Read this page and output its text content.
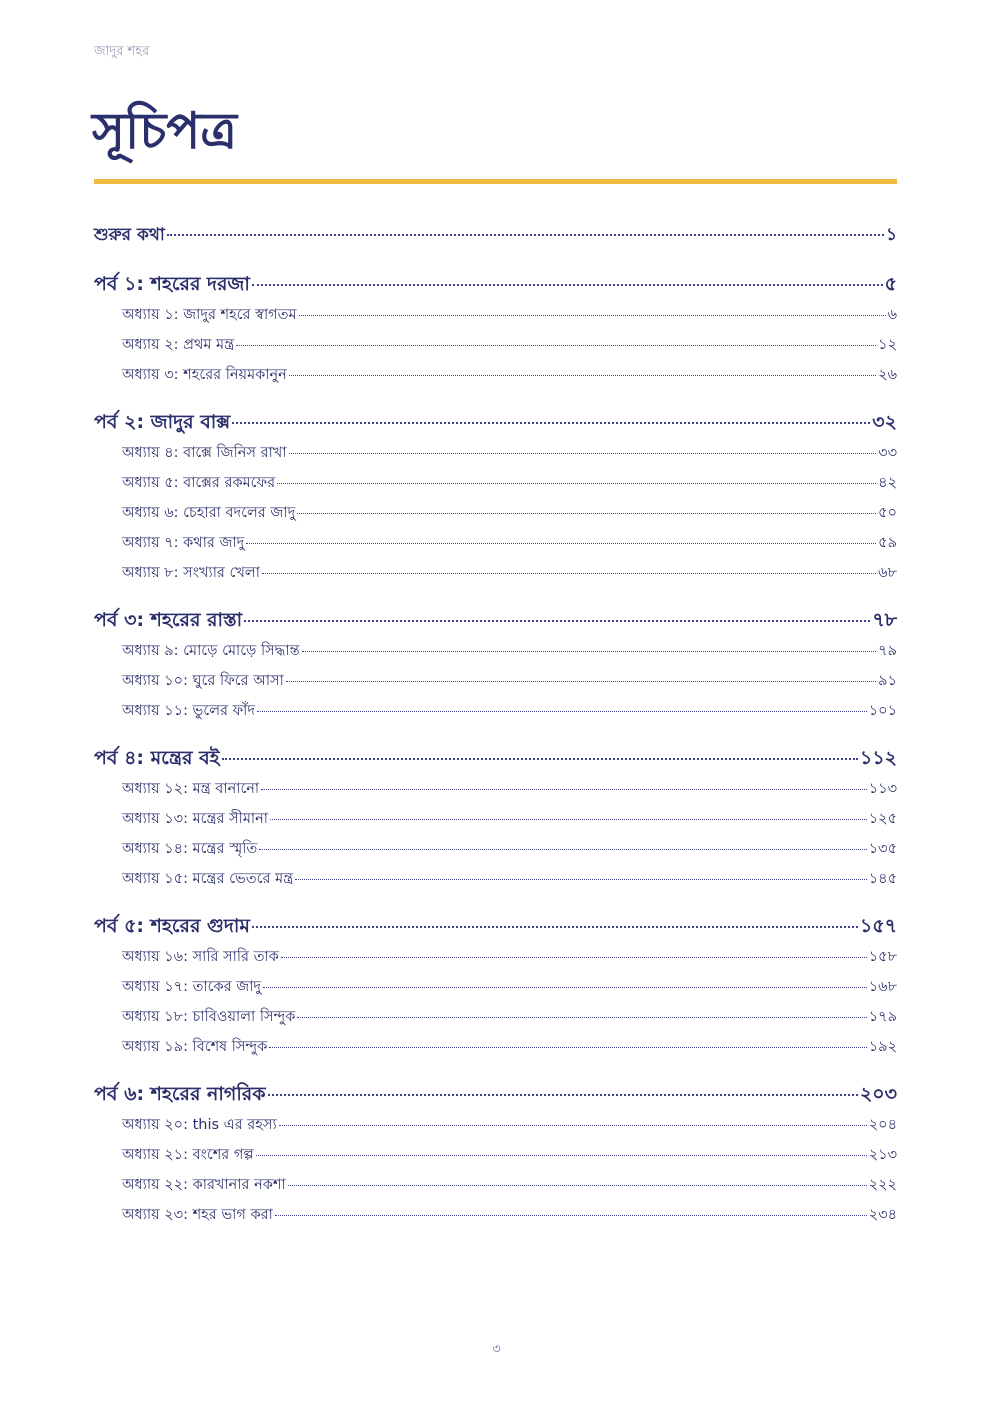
জাদুর শহর
সূচিপত্র
শুরুর কথা	১
পর্ব ১: শহরের দরজা	৫
অধ্যায় ১: জাদুর শহরে স্বাগতম	৬
অধ্যায় ২: প্রথম মন্ত্র	১২
অধ্যায় ৩: শহরের নিয়মকানুন	২৬
পর্ব ২: জাদুর বাক্স	৩২
অধ্যায় ৪: বাক্সে জিনিস রাখা	৩৩
অধ্যায় ৫: বাক্সের রকমফের	৪২
অধ্যায় ৬: চেহারা বদলের জাদু	৫০
অধ্যায় ৭: কথার জাদু	৫৯
অধ্যায় ৮: সংখ্যার খেলা	৬৮
পর্ব ৩: শহরের রাস্তা	৭৮
অধ্যায় ৯: মোড়ে মোড়ে সিদ্ধান্ত	৭৯
অধ্যায় ১০: ঘুরে ফিরে আসা	৯১
অধ্যায় ১১: ভুলের ফাঁদ	১০১
পর্ব ৪: মন্ত্রের বই	১১২
অধ্যায় ১২: মন্ত্র বানানো	১১৩
অধ্যায় ১৩: মন্ত্রের সীমানা	১২৫
অধ্যায় ১৪: মন্ত্রের স্মৃতি	১৩৫
অধ্যায় ১৫: মন্ত্রের ভেতরে মন্ত্র	১৪৫
পর্ব ৫: শহরের গুদাম	১৫৭
অধ্যায় ১৬: সারি সারি তাক	১৫৮
অধ্যায় ১৭: তাকের জাদু	১৬৮
অধ্যায় ১৮: চাবিওয়ালা সিন্দুক	১৭৯
অধ্যায় ১৯: বিশেষ সিন্দুক	১৯২
পর্ব ৬: শহরের নাগরিক	২০৩
অধ্যায় ২০: this এর রহস্য	২০৪
অধ্যায় ২১: বংশের গল্প	২১৩
অধ্যায় ২২: কারখানার নকশা	২২২
অধ্যায় ২৩: শহর ভাগ করা	২৩৪
৩
